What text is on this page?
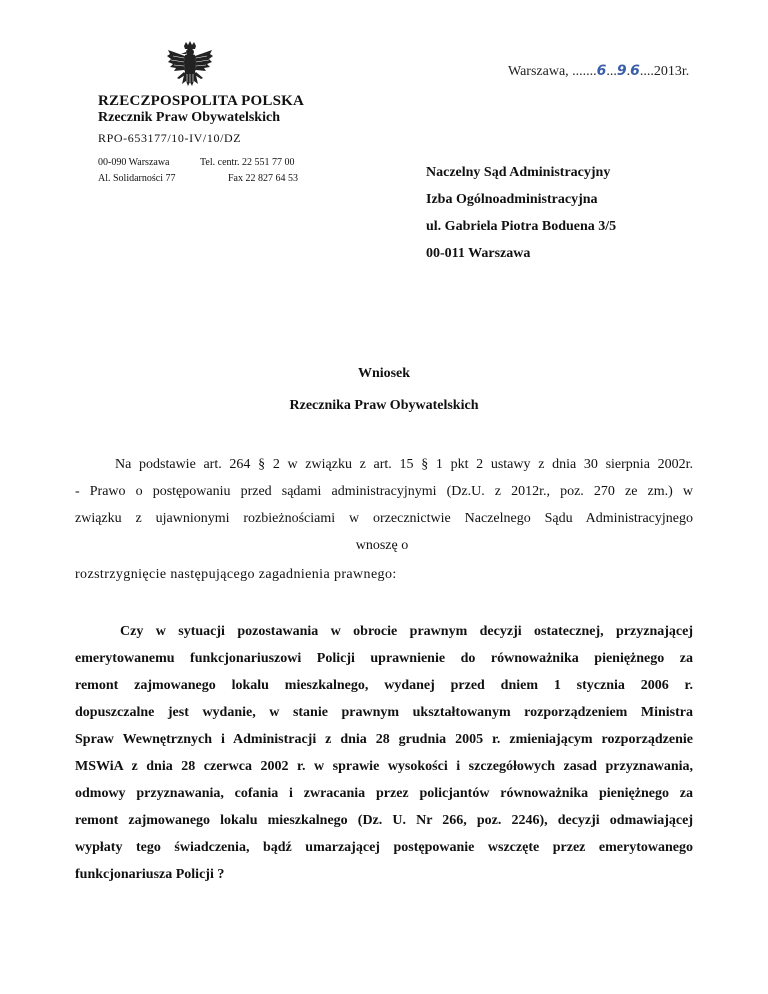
Warszawa, .......6...9.6....2013r.
RZECZPOSPOLITA POLSKA
Rzecznik Praw Obywatelskich
RPO-653177/10-IV/10/DZ
00-090 Warszawa
Al. Solidarności 77
Tel. centr. 22 551 77 00
Fax 22 827 64 53	Naczelny Sąd Administracyjny
Izba Ogólnoadministracyjna
ul. Gabriela Piotra Boduena 3/5
00-011 Warszawa
Wniosek
Rzecznika Praw Obywatelskich
Na podstawie art. 264 § 2 w związku z art. 15 § 1 pkt 2 ustawy z dnia 30 sierpnia 2002r.
- Prawo o postępowaniu przed sądami administracyjnymi (Dz.U. z 2012r., poz. 270 ze zm.) w
związku z ujawnionymi rozbieżnościami w orzecznictwie Naczelnego Sądu Administracyjnego
wnoszę o
rozstrzygnięcie następującego zagadnienia prawnego:
Czy w sytuacji pozostawania w obrocie prawnym decyzji ostatecznej, przyznającej
emerytowanemu funkcjonariuszowi Policji uprawnienie do równoważnika pieniężnego za
remont zajmowanego lokalu mieszkalnego, wydanej przed dniem 1 stycznia 2006 r.
dopuszczalne jest wydanie, w stanie prawnym ukształtowanym rozporządzeniem Ministra
Spraw Wewnętrznych i Administracji z dnia 28 grudnia 2005 r. zmieniającym rozporządzenie
MSWiA z dnia 28 czerwca 2002 r. w sprawie wysokości i szczegółowych zasad przyznawania,
odmowy przyznawania, cofania i zwracania przez policjantów równoważnika pieniężnego za
remont zajmowanego lokalu mieszkalnego (Dz. U. Nr 266, poz. 2246), decyzji odmawiającej
wypłaty tego świadczenia, bądź umarzającej postępowanie wszczęte przez emerytowanego
funkcjonariusza Policji ?
